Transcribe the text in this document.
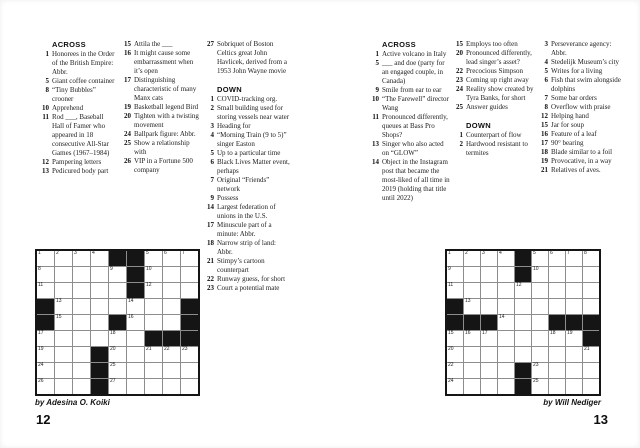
ACROSS
1 Honorees in the Order of the British Empire: Abbr.
5 Giant coffee container
8 “Tiny Bubbles” crooner
10 Apprehend
11 Rod ___, Baseball Hall of Famer who appeared in 18 consecutive All-Star Games (1967–1984)
12 Pampering letters
13 Pedicured body part
15 Attila the ___
16 It might cause some embarrassment when it’s open
17 Distinguishing characteristic of many Manx cats
19 Basketball legend Bird
20 Tighten with a twisting movement
24 Ballpark figure: Abbr.
25 Show a relationship with
26 VIP in a Fortune 500 company
27 Sobriquet of Boston Celtics great John Havlicek, derived from a 1953 John Wayne movie
DOWN
1 COVID-tracking org.
2 Small building used for storing vessels near water
3 Heading for
4 “Morning Train (9 to 5)” singer Easton
5 Up to a particular time
6 Black Lives Matter event, perhaps
7 Original “Friends” network
9 Possess
14 Largest federation of unions in the U.S.
17 Minuscule part of a minute: Abbr.
18 Narrow strip of land: Abbr.
21 Stimpy’s cartoon counterpart
22 Runway guess, for short
23 Court a potential mate
1	2	3	4	5	6	7
8	9	10
11	12
13	14
15	16
17	18
19	20	21 22 23
24	25
26	27
by Adesina O. Koiki
12
ACROSS
1 Active volcano in Italy
5 ___ and doe (party for an engaged couple, in Canada)
9 Smile from ear to ear
10 “The Farewell” director Wang
11 Pronounced differently, queues at Bass Pro Shops?
13 Singer who also acted on “GLOW”
14 Object in the Instagram post that became the most-liked of all time in 2019 (holding that title until 2022)
15 Employs too often
20 Pronounced differently, lead singer’s asset?
22 Precocious Simpson
23 Coming up right away
24 Reality show created by Tyra Banks, for short
25 Answer guides
DOWN
1 Counterpart of flow
2 Hardwood resistant to termites
3 Perseverance agency: Abbr.
4 Stedelijk Museum’s city
5 Writes for a living
6 Fish that swim alongside dolphins
7 Some bar orders
8 Overflow with praise
12 Helping hand
15 Jar for soup
16 Feature of a leaf
17 90° bearing
18 Blade similar to a foil
19 Provocative, in a way
21 Relatives of aves.
1	2	3	4	5	6	7	8
9	10
11	12
13
14
15 16 17	18 19
20	21
22	23
24	25
by Will Nediger
13
